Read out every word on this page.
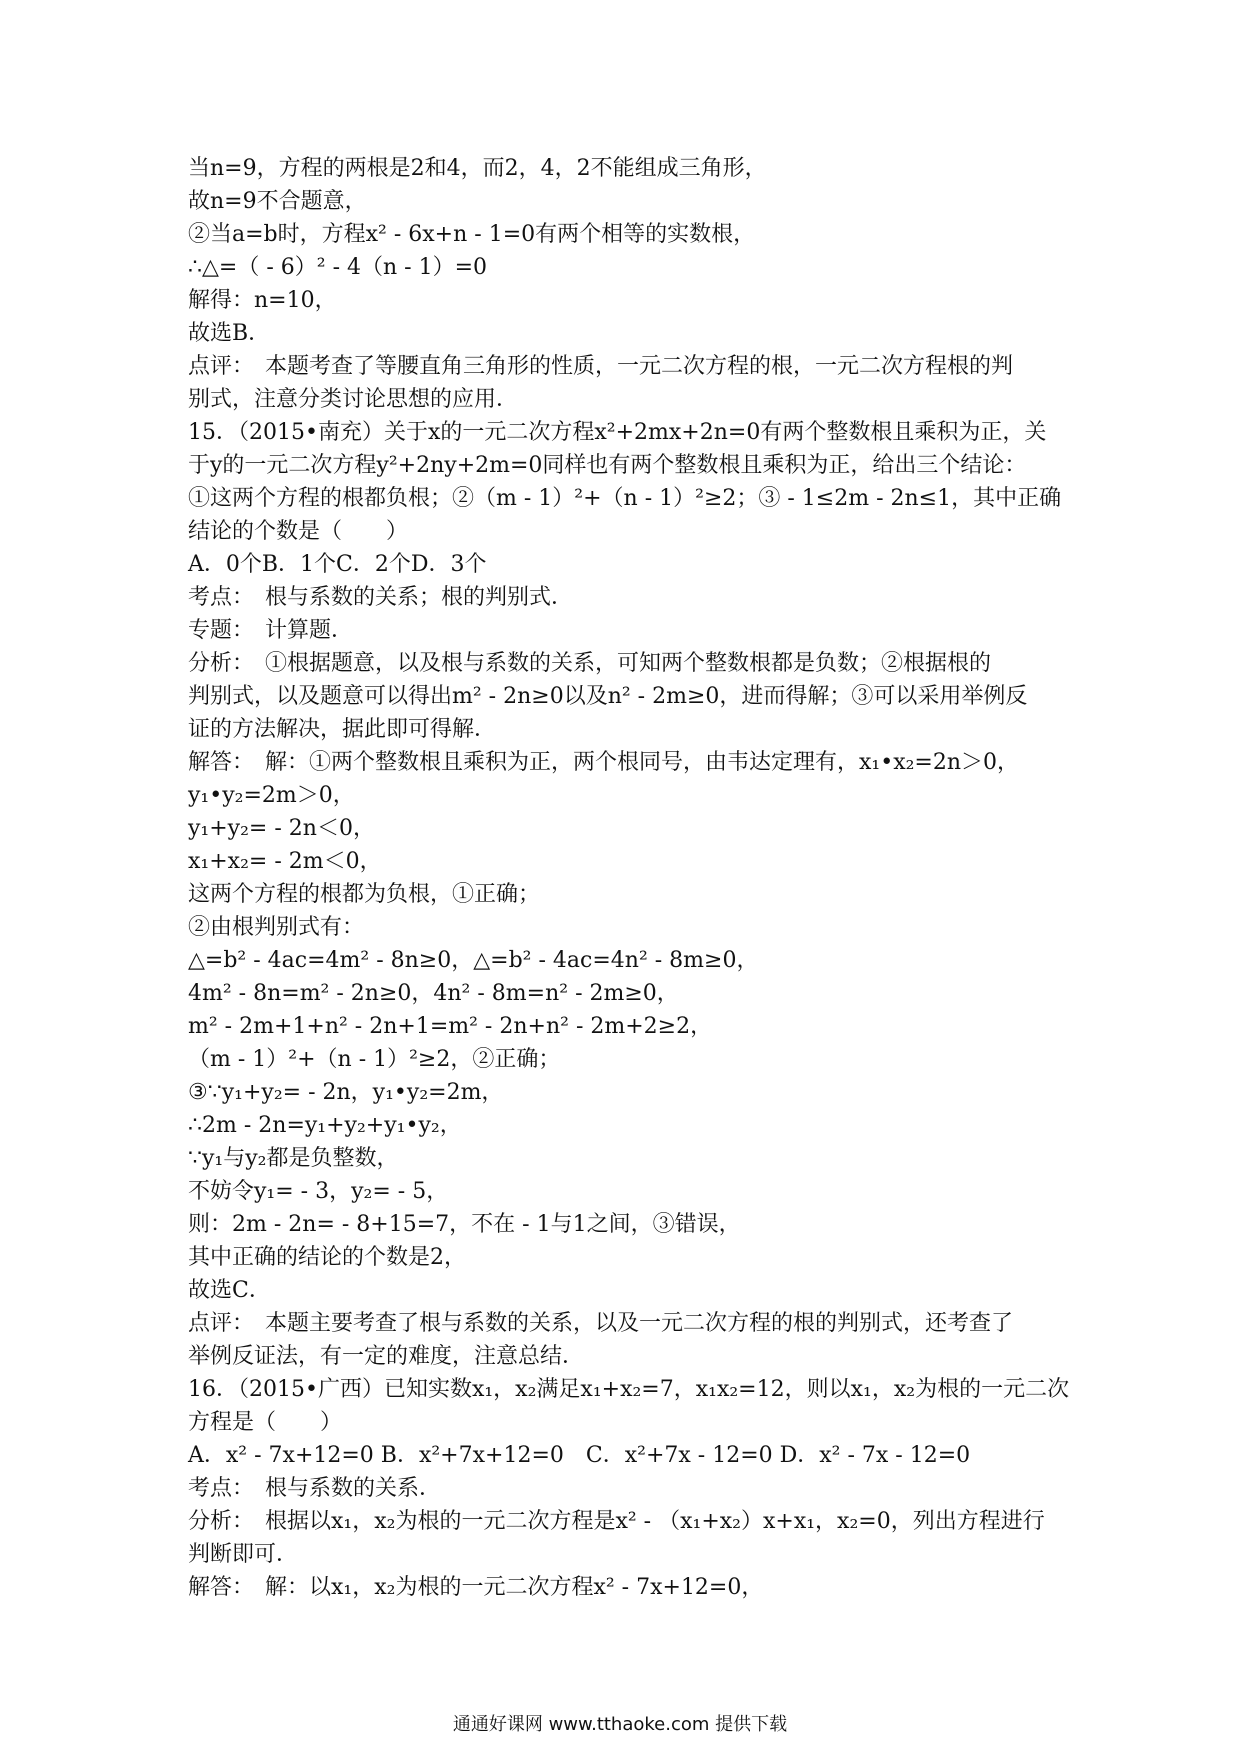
当n=9，方程的两根是2和4，而2，4，2不能组成三角形，
故n=9不合题意，
②当a=b时，方程x² - 6x+n - 1=0有两个相等的实数根，
∴△=（ - 6）² - 4（n - 1）=0
解得：n=10，
故选B．
点评：　本题考查了等腰直角三角形的性质，一元二次方程的根，一元二次方程根的判
别式，注意分类讨论思想的应用．
15．（2015•南充）关于x的一元二次方程x²+2mx+2n=0有两个整数根且乘积为正，关
于y的一元二次方程y²+2ny+2m=0同样也有两个整数根且乘积为正，给出三个结论：
①这两个方程的根都负根；②（m - 1）²+（n - 1）²≥2；③ - 1≤2m - 2n≤1，其中正确
结论的个数是（　　）
A．0个B．1个C．2个D．3个
考点：　根与系数的关系；根的判别式．
专题：　计算题．
分析：　①根据题意，以及根与系数的关系，可知两个整数根都是负数；②根据根的
判别式，以及题意可以得出m² - 2n≥0以及n² - 2m≥0，进而得解；③可以采用举例反
证的方法解决，据此即可得解．
解答：　解：①两个整数根且乘积为正，两个根同号，由韦达定理有，x₁•x₂=2n＞0，
y₁•y₂=2m＞0，
y₁+y₂= - 2n＜0，
x₁+x₂= - 2m＜0，
这两个方程的根都为负根，①正确；
②由根判别式有：
△=b² - 4ac=4m² - 8n≥0，△=b² - 4ac=4n² - 8m≥0，
4m² - 8n=m² - 2n≥0，4n² - 8m=n² - 2m≥0，
m² - 2m+1+n² - 2n+1=m² - 2n+n² - 2m+2≥2，
（m - 1）²+（n - 1）²≥2，②正确；
③∵y₁+y₂= - 2n，y₁•y₂=2m，
∴2m - 2n=y₁+y₂+y₁•y₂，
∵y₁与y₂都是负整数，
不妨令y₁= - 3，y₂= - 5，
则：2m - 2n= - 8+15=7，不在 - 1与1之间，③错误，
其中正确的结论的个数是2，
故选C．
点评：　本题主要考查了根与系数的关系，以及一元二次方程的根的判别式，还考查了
举例反证法，有一定的难度，注意总结．
16．（2015•广西）已知实数x₁，x₂满足x₁+x₂=7，x₁x₂=12，则以x₁，x₂为根的一元二次
方程是（　　）
A．x² - 7x+12=0 B．x²+7x+12=0　C．x²+7x - 12=0 D．x² - 7x - 12=0
考点：　根与系数的关系．
分析：　根据以x₁，x₂为根的一元二次方程是x² - （x₁+x₂）x+x₁，x₂=0，列出方程进行
判断即可．
解答：　解：以x₁，x₂为根的一元二次方程x² - 7x+12=0，
通通好课网 www.tthaoke.com 提供下载
